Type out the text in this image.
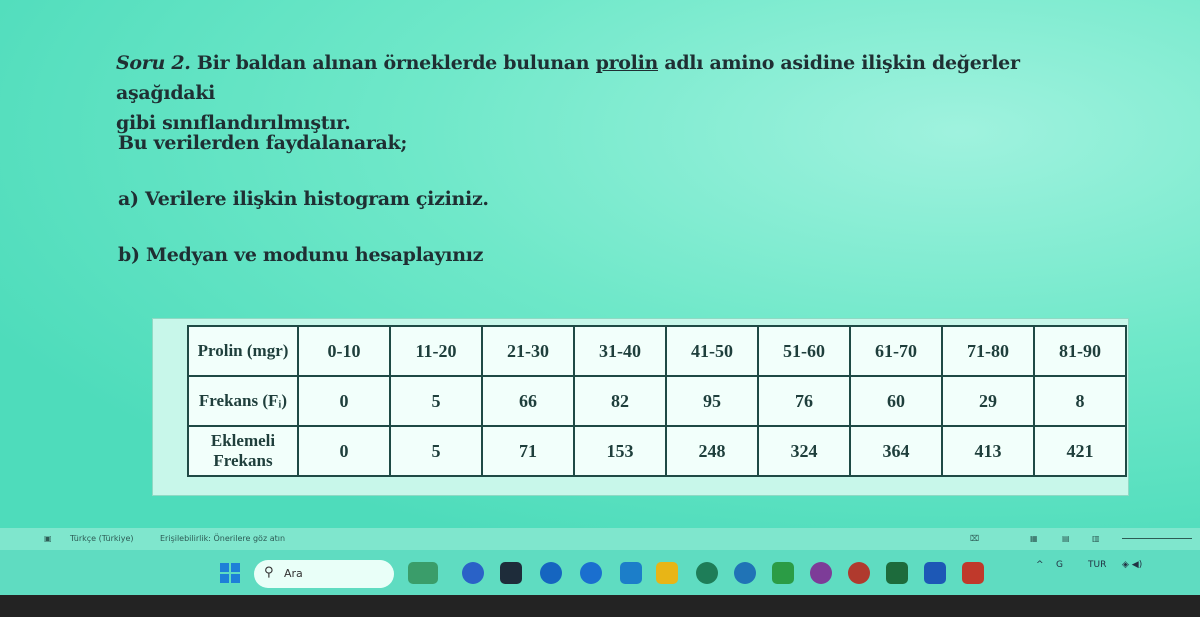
Soru 2. Bir baldan alınan örneklerde bulunan prolin adlı amino asidine ilişkin değerler aşağıdaki
gibi sınıflandırılmıştır.
Bu verilerden faydalanarak;
a) Verilere ilişkin histogram çiziniz.
b) Medyan ve modunu hesaplayınız
Prolin (mgr)	0-10	11-20	21-30	31-40	41-50	51-60	61-70	71-80	81-90
Frekans (Fᵢ)	0	5	66	82	95	76	60	29	8
Eklemeli Frekans	0	5	71	153	248	324	364	413	421
▣ Türkçe (Türkiye)	Erişilebilirlik: Önerilere göz atın	⌧	▦	▤	▥
⚲ Ara
^ G	TUR ◈ ◀)
